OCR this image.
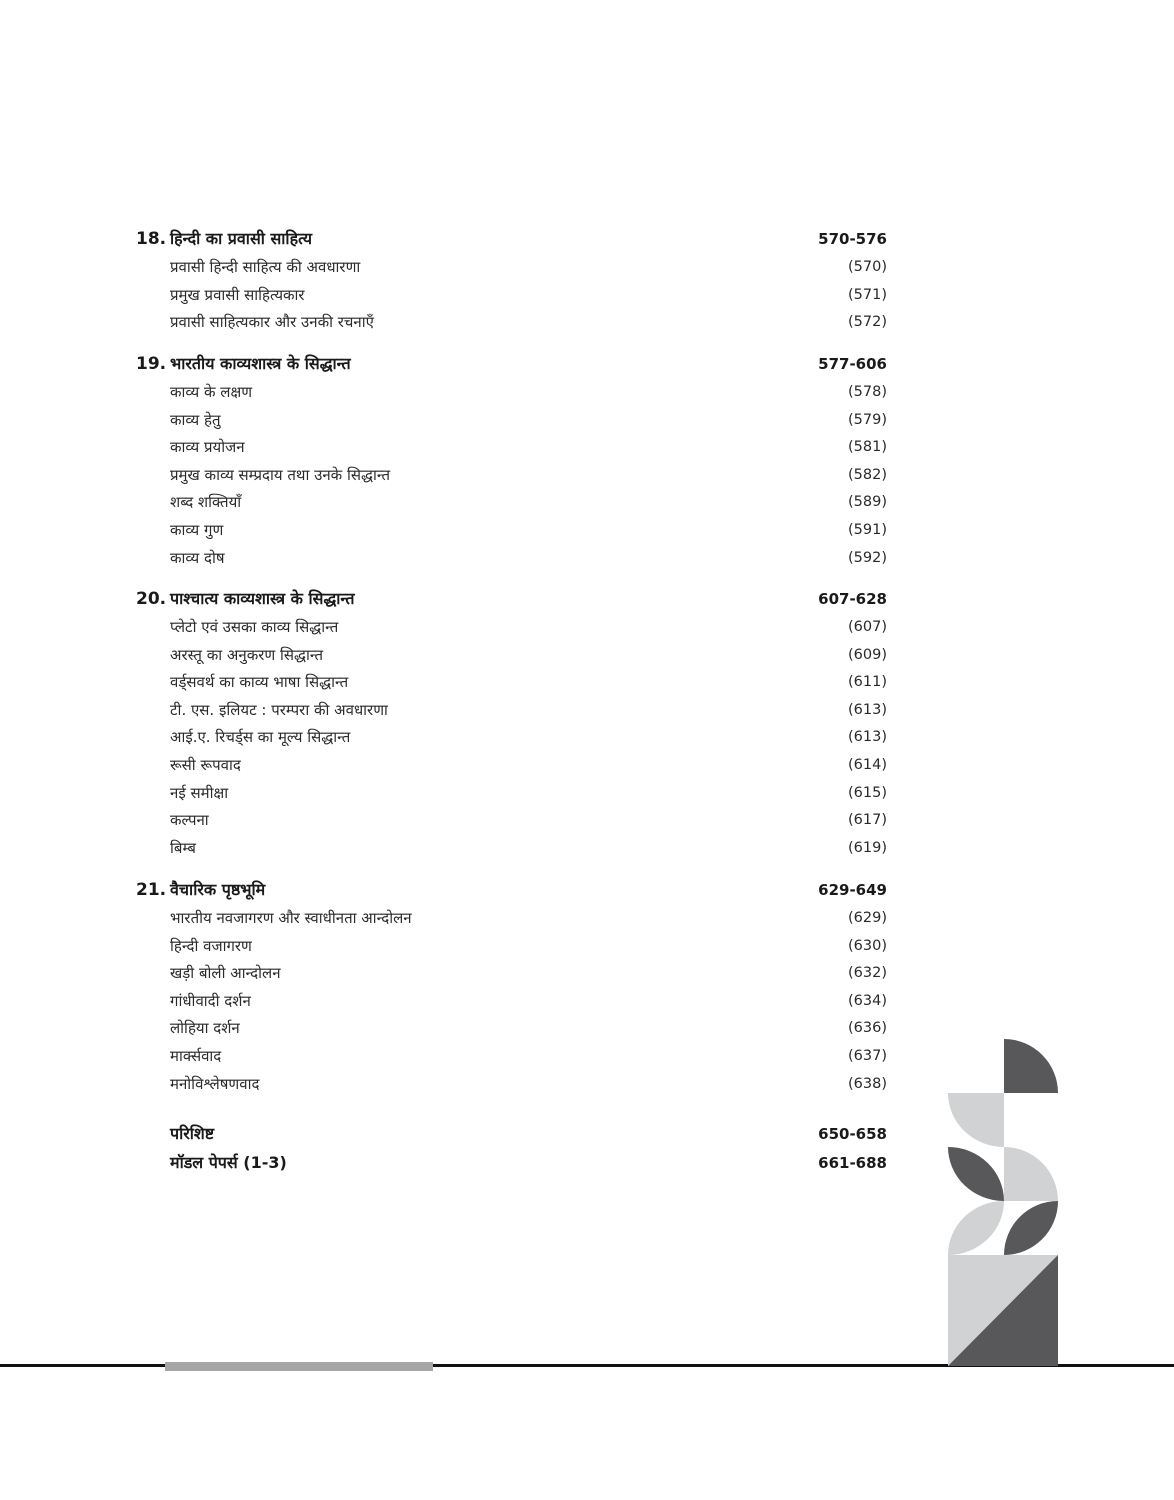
18. हिन्दी का प्रवासी साहित्य	570-576
प्रवासी हिन्दी साहित्य की अवधारणा	(570)
प्रमुख प्रवासी साहित्यकार	(571)
प्रवासी साहित्यकार और उनकी रचनाएँ	(572)
19. भारतीय काव्यशास्त्र के सिद्धान्त	577-606
काव्य के लक्षण	(578)
काव्य हेतु	(579)
काव्य प्रयोजन	(581)
प्रमुख काव्य सम्प्रदाय तथा उनके सिद्धान्त	(582)
शब्द शक्तियाँ	(589)
काव्य गुण	(591)
काव्य दोष	(592)
20. पाश्चात्य काव्यशास्त्र के सिद्धान्त	607-628
प्लेटो एवं उसका काव्य सिद्धान्त	(607)
अरस्तू का अनुकरण सिद्धान्त	(609)
वर्ड्सवर्थ का काव्य भाषा सिद्धान्त	(611)
टी. एस. इलियट : परम्परा की अवधारणा	(613)
आई.ए. रिचर्ड्स का मूल्य सिद्धान्त	(613)
रूसी रूपवाद	(614)
नई समीक्षा	(615)
कल्पना	(617)
बिम्ब	(619)
21. वैचारिक पृष्ठभूमि	629-649
भारतीय नवजागरण और स्वाधीनता आन्दोलन	(629)
हिन्दी वजागरण	(630)
खड़ी बोली आन्दोलन	(632)
गांधीवादी दर्शन	(634)
लोहिया दर्शन	(636)
मार्क्सवाद	(637)
मनोविश्लेषणवाद	(638)
परिशिष्ट	650-658
मॉडल पेपर्स (1-3)	661-688
